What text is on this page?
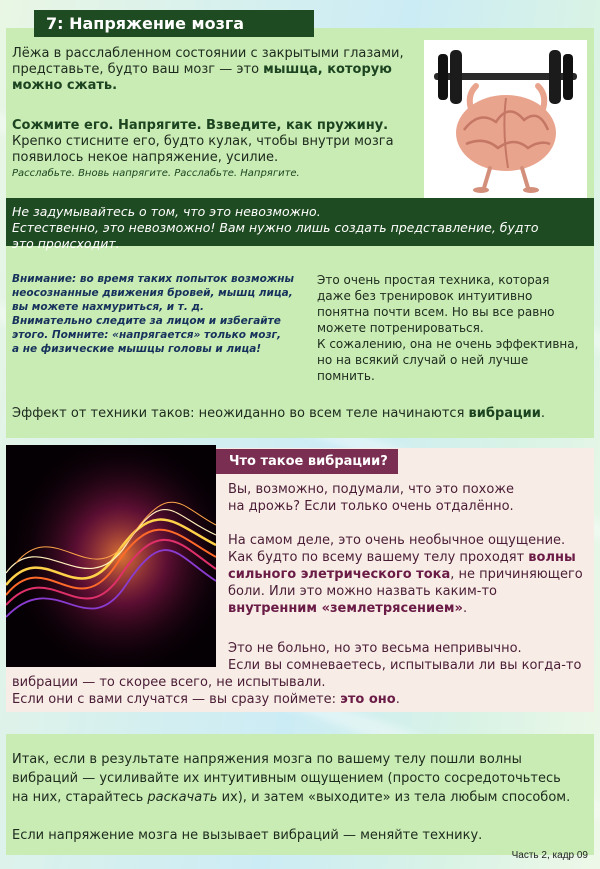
7: Напряжение мозга
Лёжа в расслабленном состоянии с закрытыми глазами,
представьте, будто ваш мозг — это мышца, которую
можно сжать.
Сожмите его. Напрягите. Взведите, как пружину.
Крепко стисните его, будто кулак, чтобы внутри мозга
появилось некое напряжение, усилие.
Расслабьте. Вновь напрягите. Расслабьте. Напрягите.
Не задумывайтесь о том, что это невозможно.
Естественно, это невозможно! Вам нужно лишь создать представление, будто
это происходит.
Внимание: во время таких попыток возможны
неосознанные движения бровей, мышц лица,
вы можете нахмуриться, и т. д.
Внимательно следите за лицом и избегайте
этого. Помните: «напрягается» только мозг,
а не физические мышцы головы и лица!
Это очень простая техника, которая
даже без тренировок интуитивно
понятна почти всем. Но вы все равно
можете потренироваться.
К сожалению, она не очень эффективна,
но на всякий случай о ней лучше
помнить.
Эффект от техники таков: неожиданно во всем теле начинаются вибрации.
Что такое вибрации?
Вы, возможно, подумали, что это похоже
на дрожь? Если только очень отдалённо.
На самом деле, это очень необычное ощущение.
Как будто по всему вашему телу проходят волны
сильного элетрического тока, не причиняющего
боли. Или это можно назвать каким-то
внутренним «землетрясением».
Это не больно, но это весьма непривычно.
Если вы сомневаетесь, испытывали ли вы когда-то
вибрации — то скорее всего, не испытывали.
Если они с вами случатся — вы сразу поймете: это оно.
Итак, если в результате напряжения мозга по вашему телу пошли волны
вибраций — усиливайте их интуитивным ощущением (просто сосредоточьтесь
на них, старайтесь раскачать их), и затем «выходите» из тела любым способом.
Если напряжение мозга не вызывает вибраций — меняйте технику.
Часть 2, кадр 09
